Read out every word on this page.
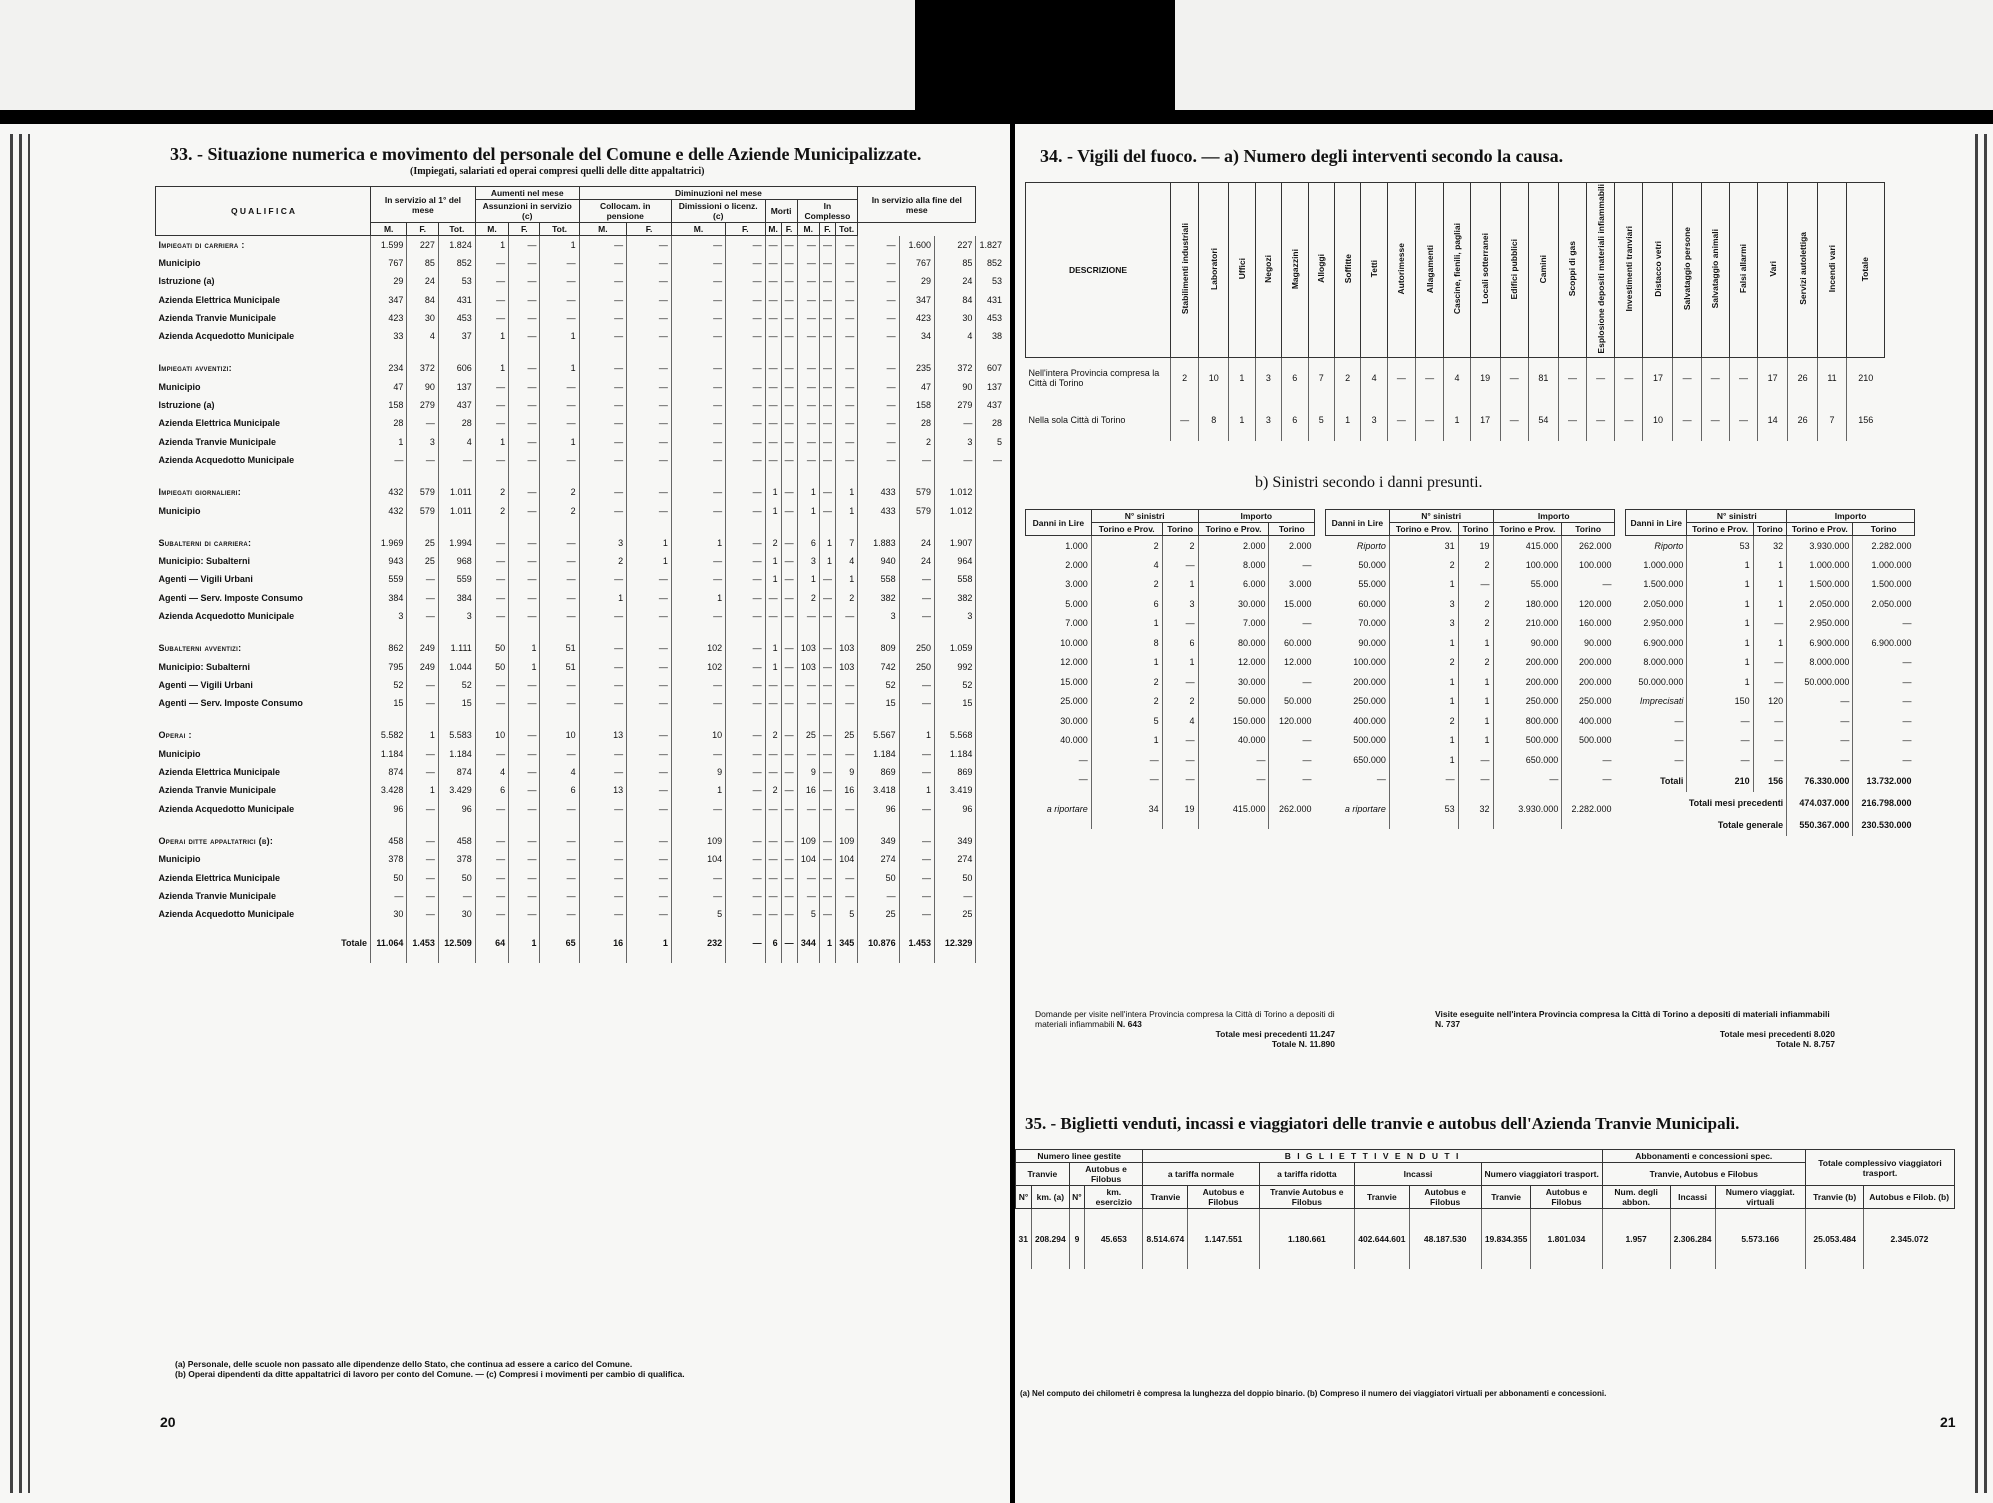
33. - Situazione numerica e movimento del personale del Comune e delle Aziende Municipalizzate.
(Impiegati, salariati ed operai compresi quelli delle ditte appaltatrici)
Q U A L I F I C A	In servizio al 1° del mese			Aumenti nel mese			Diminuzioni nel mese									In servizio alla fine del mese			
				Assunzioni in servizio (c)			Collocam. in pensione		Dimissioni o licenz. (c)		Morti		In Complesso						
	M.	F.	Tot.	M.	F.	Tot.	M.	F.	M.	F.	M.	F.	M.	F.	Tot.				
Impiegati di carriera :	1.599	227	1.824	1	—	1	—	—	—	—	—	—	—	—	—	—	1.600	227	1.827
Municipio	767	85	852	—	—	—	—	—	—	—	—	—	—	—	—	—	767	85	852
Istruzione (a)	29	24	53	—	—	—	—	—	—	—	—	—	—	—	—	—	29	24	53
Azienda Elettrica Municipale	347	84	431	—	—	—	—	—	—	—	—	—	—	—	—	—	347	84	431
Azienda Tranvie Municipale	423	30	453	—	—	—	—	—	—	—	—	—	—	—	—	—	423	30	453
Azienda Acquedotto Municipale	33	4	37	1	—	1	—	—	—	—	—	—	—	—	—	—	34	4	38

Impiegati avventizi:	234	372	606	1	—	1	—	—	—	—	—	—	—	—	—	—	235	372	607
Municipio	47	90	137	—	—	—	—	—	—	—	—	—	—	—	—	—	47	90	137
Istruzione (a)	158	279	437	—	—	—	—	—	—	—	—	—	—	—	—	—	158	279	437
Azienda Elettrica Municipale	28	—	28	—	—	—	—	—	—	—	—	—	—	—	—	—	28	—	28
Azienda Tranvie Municipale	1	3	4	1	—	1	—	—	—	—	—	—	—	—	—	—	2	3	5
Azienda Acquedotto Municipale	—	—	—	—	—	—	—	—	—	—	—	—	—	—	—	—	—	—	—

Impiegati giornalieri:	432	579	1.011	2	—	2	—	—	—	—	1	—	1	—	1	433	579	1.012	
Municipio	432	579	1.011	2	—	2	—	—	—	—	1	—	1	—	1	433	579	1.012	

Subalterni di carriera:	1.969	25	1.994	—	—	—	3	1	1	—	2	—	6	1	7	1.883	24	1.907	
Municipio: Subalterni	943	25	968	—	—	—	2	1	—	—	1	—	3	1	4	940	24	964	
Agenti — Vigili Urbani	559	—	559	—	—	—	—	—	—	—	1	—	1	—	1	558	—	558	
Agenti — Serv. Imposte Consumo	384	—	384	—	—	—	1	—	1	—	—	—	2	—	2	382	—	382	
Azienda Acquedotto Municipale	3	—	3	—	—	—	—	—	—	—	—	—	—	—	—	3	—	3	

Subalterni avventizi:	862	249	1.111	50	1	51	—	—	102	—	1	—	103	—	103	809	250	1.059	
Municipio: Subalterni	795	249	1.044	50	1	51	—	—	102	—	1	—	103	—	103	742	250	992	
Agenti — Vigili Urbani	52	—	52	—	—	—	—	—	—	—	—	—	—	—	—	52	—	52	
Agenti — Serv. Imposte Consumo	15	—	15	—	—	—	—	—	—	—	—	—	—	—	—	15	—	15	

Operai :	5.582	1	5.583	10	—	10	13	—	10	—	2	—	25	—	25	5.567	1	5.568	
Municipio	1.184	—	1.184	—	—	—	—	—	—	—	—	—	—	—	—	1.184	—	1.184	
Azienda Elettrica Municipale	874	—	874	4	—	4	—	—	9	—	—	—	9	—	9	869	—	869	
Azienda Tranvie Municipale	3.428	1	3.429	6	—	6	13	—	1	—	2	—	16	—	16	3.418	1	3.419	
Azienda Acquedotto Municipale	96	—	96	—	—	—	—	—	—	—	—	—	—	—	—	96	—	96	

Operai ditte appaltatrici (b):	458	—	458	—	—	—	—	—	109	—	—	—	109	—	109	349	—	349	
Municipio	378	—	378	—	—	—	—	—	104	—	—	—	104	—	104	274	—	274	
Azienda Elettrica Municipale	50	—	50	—	—	—	—	—	—	—	—	—	—	—	—	50	—	50	
Azienda Tranvie Municipale	—	—	—	—	—	—	—	—	—	—	—	—	—	—	—	—	—	—	
Azienda Acquedotto Municipale	30	—	30	—	—	—	—	—	5	—	—	—	5	—	5	25	—	25	
Totale	11.064	1.453	12.509	64	1	65	16	1	232	—	6	—	344	1	345	10.876	1.453	12.329	
(a) Personale, delle scuole non passato alle dipendenze dello Stato, che continua ad essere a carico del Comune.
(b) Operai dipendenti da ditte appaltatrici di lavoro per conto del Comune. — (c) Compresi i movimenti per cambio di qualifica.
20
34. - Vigili del fuoco. — a) Numero degli interventi secondo la causa.
DESCRIZIONE	Stabilimenti industriali	Laboratori	Uffici	Negozi	Magazzini	Alloggi	Soffitte	Tetti	Autorimesse	Allagamenti	Cascine, fienili, pagliai	Locali sotterranei	Edifici pubblici	Camini	Scoppi di gas	Esplosione depositi materiali infiammabili	Investimenti tranviari	Distacco vetri	Salvataggio persone	Salvataggio animali	Falsi allarmi	Vari	Servizi autolettiga	Incendi vari	Totale
Nell'intera Provincia compresa la Città di Torino	2	10	1	3	6	7	2	4	—	—	4	19	—	81	—	—	—	17	—	—	—	17	26	11	210
Nella sola Città di Torino	—	8	1	3	6	5	1	3	—	—	1	17	—	54	—	—	—	10	—	—	—	14	26	7	156
b) Sinistri secondo i danni presunti.
Danni in Lire	N° sinistri		Importo	
	Torino e Prov.	Torino	Torino e Prov.	Torino
1.000	2	2	2.000	2.000
2.000	4	—	8.000	—
3.000	2	1	6.000	3.000
5.000	6	3	30.000	15.000
7.000	1	—	7.000	—
10.000	8	6	80.000	60.000
12.000	1	1	12.000	12.000
15.000	2	—	30.000	—
25.000	2	2	50.000	50.000
30.000	5	4	150.000	120.000
40.000	1	—	40.000	—
—	—	—	—	—
—	—	—	—	—
a riportare	34	19	415.000	262.000
Danni in Lire	N° sinistri		Importo	
	Torino e Prov.	Torino	Torino e Prov.	Torino
Riporto	31	19	415.000	262.000
50.000	2	2	100.000	100.000
55.000	1	—	55.000	—
60.000	3	2	180.000	120.000
70.000	3	2	210.000	160.000
90.000	1	1	90.000	90.000
100.000	2	2	200.000	200.000
200.000	1	1	200.000	200.000
250.000	1	1	250.000	250.000
400.000	2	1	800.000	400.000
500.000	1	1	500.000	500.000
650.000	1	—	650.000	—
—	—	—	—	—
a riportare	53	32	3.930.000	2.282.000
Danni in Lire	N° sinistri		Importo	
	Torino e Prov.	Torino	Torino e Prov.	Torino
Riporto	53	32	3.930.000	2.282.000
1.000.000	1	1	1.000.000	1.000.000
1.500.000	1	1	1.500.000	1.500.000
2.050.000	1	1	2.050.000	2.050.000
2.950.000	1	—	2.950.000	—
6.900.000	1	1	6.900.000	6.900.000
8.000.000	1	—	8.000.000	—
50.000.000	1	—	50.000.000	—
Imprecisati	150	120	—	—
—	—	—	—	—
—	—	—	—	—
—	—	—	—	—
Totali	210	156	76.330.000	13.732.000
Totali mesi precedenti			474.037.000	216.798.000
Totale generale			550.367.000	230.530.000
Domande per visite nell'intera Provincia compresa la Città di Torino a depositi di materiali infiammabili N. 643
Totale mesi precedenti 11.247
Totale N. 11.890
Visite eseguite nell'intera Provincia compresa la Città di Torino a depositi di materiali infiammabili N. 737
Totale mesi precedenti 8.020
Totale N. 8.757
35. - Biglietti venduti, incassi e viaggiatori delle tranvie e autobus dell'Azienda Tranvie Municipali.
Numero linee gestite				B I G L I E T T I V E N D U T I							Abbonamenti e concessioni spec.			Totale complessivo viaggiatori trasport.	
Tranvie		Autobus e Filobus		a tariffa normale		a tariffa ridotta	Incassi		Numero viaggiatori trasport.		Tranvie, Autobus e Filobus				
N°	km. (a)	N°	km. esercizio	Tranvie	Autobus e Filobus	Tranvie Autobus e Filobus	Tranvie	Autobus e Filobus	Tranvie	Autobus e Filobus	Num. degli abbon.	Incassi	Numero viaggiat. virtuali	Tranvie (b)	Autobus e Filob. (b)
31	208.294	9	45.653	8.514.674	1.147.551	1.180.661	402.644.601	48.187.530	19.834.355	1.801.034	1.957	2.306.284	5.573.166	25.053.484	2.345.072
(a) Nel computo dei chilometri è compresa la lunghezza del doppio binario. (b) Compreso il numero dei viaggiatori virtuali per abbonamenti e concessioni.
21
